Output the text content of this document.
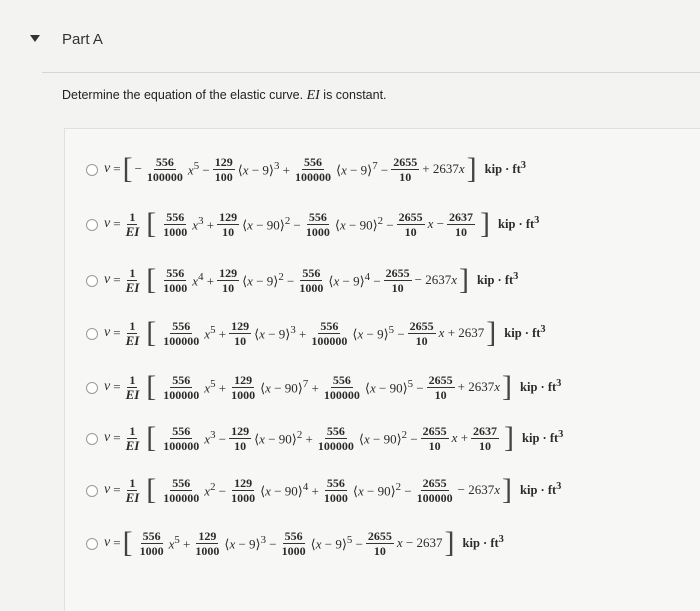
Part A
Determine the equation of the elastic curve. EI is constant.
v = [ − $\frac{556}{100000} x^5 - \frac{129}{100}$ ⟨x − 9⟩$^3$ + $\frac{556}{100000}$ ⟨x − 9⟩$^7$ − $\frac{2655}{10} + 2637x$ ] kip · $ft^3$
$v = \frac{1}{EI}$ [ $\frac{556}{1000} x^3 + \frac{129}{10}$ ⟨x − 90⟩$^2$ − $\frac{556}{1000}$ ⟨x − 90⟩$^2$ − $\frac{2655}{10}$ $x - \frac{2637}{10}$ ] kip · $ft^3$
$v = \frac{1}{EI}$ [ $\frac{556}{1000} x^4 + \frac{129}{10}$ ⟨x − 9⟩$^2$ − $\frac{556}{1000}$ ⟨x − 9⟩$^4$ − $\frac{2655}{10} - 2637x$ ] kip · $ft^3$
$v = \frac{1}{EI}$ [ $\frac{556}{100000} x^5 + \frac{129}{10}$ ⟨x − 9⟩$^3$ + $\frac{556}{100000}$ ⟨x − 9⟩$^5$ − $\frac{2655}{10}$ x + 2637 ] kip · $ft^3$
$v = \frac{1}{EI}$ [ $\frac{556}{100000} x^5 + \frac{129}{1000}$ ⟨x − 90⟩$^7$ + $\frac{556}{100000}$ ⟨x − 90⟩$^5$ − $\frac{2655}{10} + 2637x$ ] kip · $ft^3$
$v = \frac{1}{EI}$ [ $\frac{556}{100000} x^3 - \frac{129}{10}$ ⟨x − 90⟩$^2$ + $\frac{556}{100000}$ ⟨x − 90⟩$^2$ − $\frac{2655}{10}$ $x + \frac{2637}{10}$ ] kip · $ft^3$
$v = \frac{1}{EI}$ [ $\frac{556}{100000} x^2 - \frac{129}{1000}$ ⟨x − 90⟩$^4$ + $\frac{556}{1000}$ ⟨x − 90⟩$^2$ − $\frac{2655}{100000} - 2637x$ ] kip · $ft^3$
v = [ $\frac{556}{1000} x^5 + \frac{129}{1000}$ ⟨x − 9⟩$^3$ − $\frac{556}{1000}$ ⟨x − 9⟩$^5$ − $\frac{2655}{10}$ x − 2637 ] kip · $ft^3$
